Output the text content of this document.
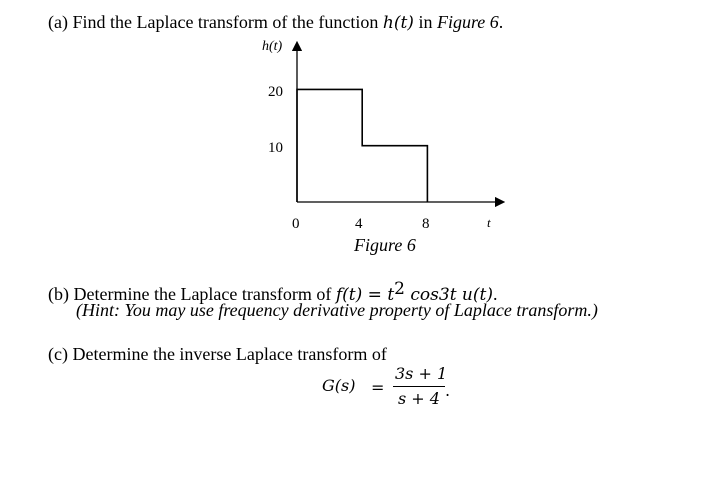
(a) Find the Laplace transform of the function h(t) in Figure 6.
h(t)
20
10
0	4	8	t
Figure 6
(b) Determine the Laplace transform of $f(t) = t^2$ cos3t u(t).
(Hint: You may use frequency derivative property of Laplace transform.)
(c) Determine the inverse Laplace transform of
G(s) =
3s + 1
s + 4 .
